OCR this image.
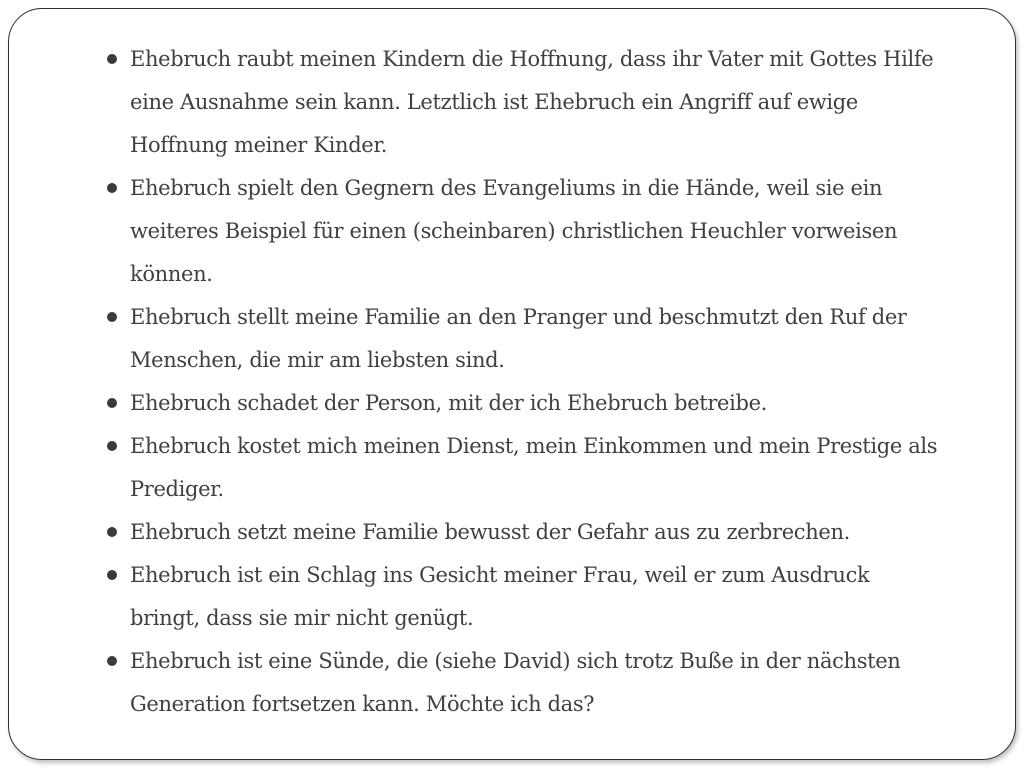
Ehebruch raubt meinen Kindern die Hoffnung, dass ihr Vater mit Gottes Hilfe eine Ausnahme sein kann. Letztlich ist Ehebruch ein Angriff auf ewige Hoffnung meiner Kinder.
Ehebruch spielt den Gegnern des Evangeliums in die Hände, weil sie ein weiteres Beispiel für einen (scheinbaren) christlichen Heuchler vorweisen können.
Ehebruch stellt meine Familie an den Pranger und beschmutzt den Ruf der Menschen, die mir am liebsten sind.
Ehebruch schadet der Person, mit der ich Ehebruch betreibe.
Ehebruch kostet mich meinen Dienst, mein Einkommen und mein Prestige als Prediger.
Ehebruch setzt meine Familie bewusst der Gefahr aus zu zerbrechen.
Ehebruch ist ein Schlag ins Gesicht meiner Frau, weil er zum Ausdruck bringt, dass sie mir nicht genügt.
Ehebruch ist eine Sünde, die (siehe David) sich trotz Buße in der nächsten Generation fortsetzen kann. Möchte ich das?
